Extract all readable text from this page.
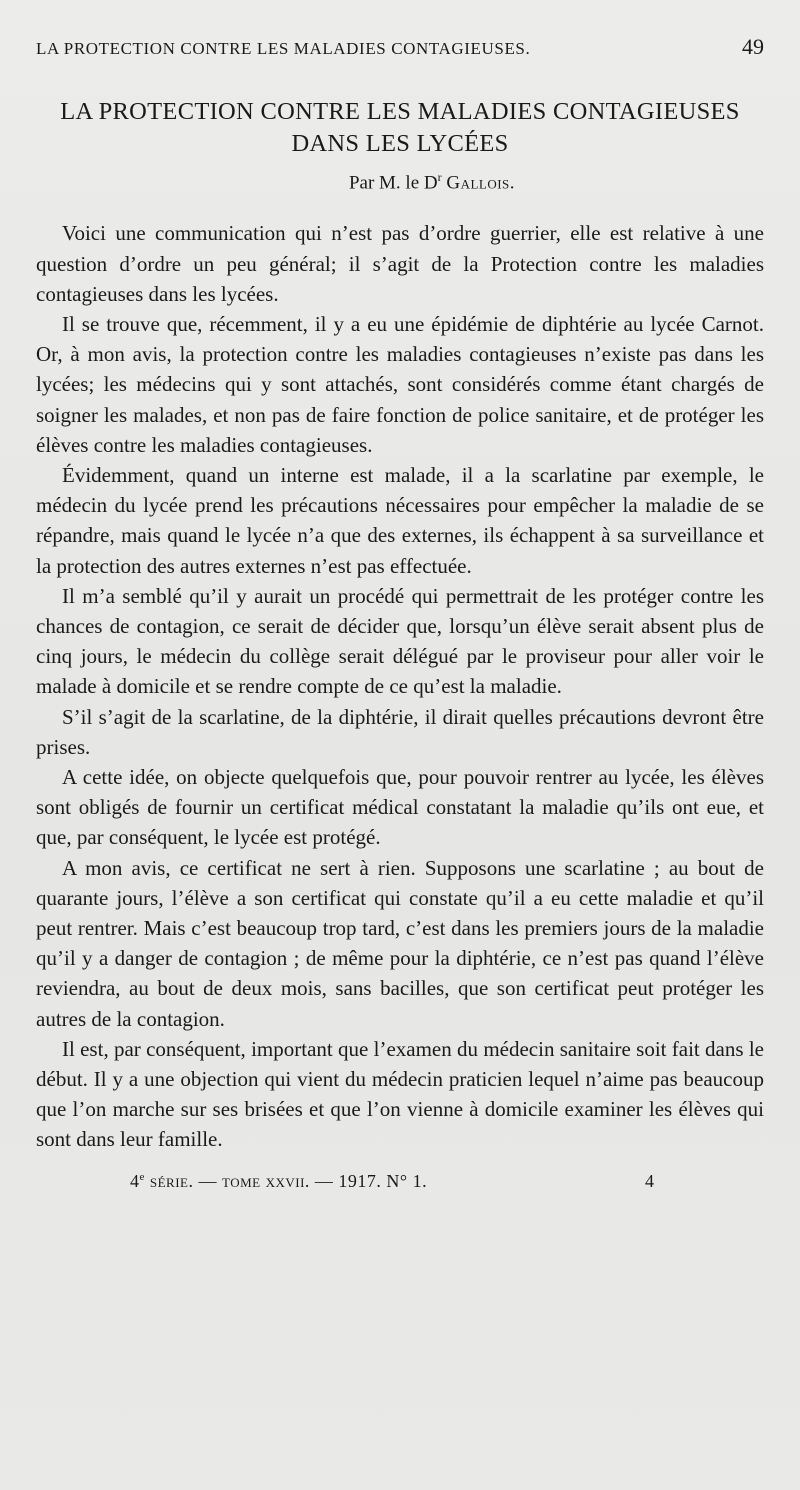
LA PROTECTION CONTRE LES MALADIES CONTAGIEUSES.	49
LA PROTECTION CONTRE LES MALADIES CONTAGIEUSES
DANS LES LYCÉES
Par M. le $D^r$ Gallois.

Voici une communication qui n’est pas d’ordre guerrier, elle est relative à une question d’ordre un peu général; il s’agit de la Protection contre les maladies contagieuses dans les lycées.

Il se trouve que, récemment, il y a eu une épidémie de diphtérie au lycée Carnot. Or, à mon avis, la protection contre les maladies contagieuses n’existe pas dans les lycées; les médecins qui y sont attachés, sont considérés comme étant chargés de soigner les malades, et non pas de faire fonction de police sanitaire, et de protéger les élèves contre les maladies contagieuses.

Évidemment, quand un interne est malade, il a la scarlatine par exemple, le médecin du lycée prend les précautions nécessaires pour empêcher la maladie de se répandre, mais quand le lycée n’a que des externes, ils échappent à sa surveillance et la protection des autres externes n’est pas effectuée.

Il m’a semblé qu’il y aurait un procédé qui permettrait de les protéger contre les chances de contagion, ce serait de décider que, lorsqu’un élève serait absent plus de cinq jours, le médecin du collège serait délégué par le proviseur pour aller voir le malade à domicile et se rendre compte de ce qu’est la maladie.

S’il s’agit de la scarlatine, de la diphtérie, il dirait quelles précautions devront être prises.

A cette idée, on objecte quelquefois que, pour pouvoir rentrer au lycée, les élèves sont obligés de fournir un certificat médical constatant la maladie qu’ils ont eue, et que, par conséquent, le lycée est protégé.

A mon avis, ce certificat ne sert à rien. Supposons une scarlatine ; au bout de quarante jours, l’élève a son certificat qui constate qu’il a eu cette maladie et qu’il peut rentrer. Mais c’est beaucoup trop tard, c’est dans les premiers jours de la maladie qu’il y a danger de contagion ; de même pour la diphtérie, ce n’est pas quand l’élève reviendra, au bout de deux mois, sans bacilles, que son certificat peut protéger les autres de la contagion.

Il est, par conséquent, important que l’examen du médecin sanitaire soit fait dans le début. Il y a une objection qui vient du médecin praticien lequel n’aime pas beaucoup que l’on marche sur ses brisées et que l’on vienne à domicile examiner les élèves qui sont dans leur famille.

4e série. — tome xxvii. — 1917. N° 1.	4
